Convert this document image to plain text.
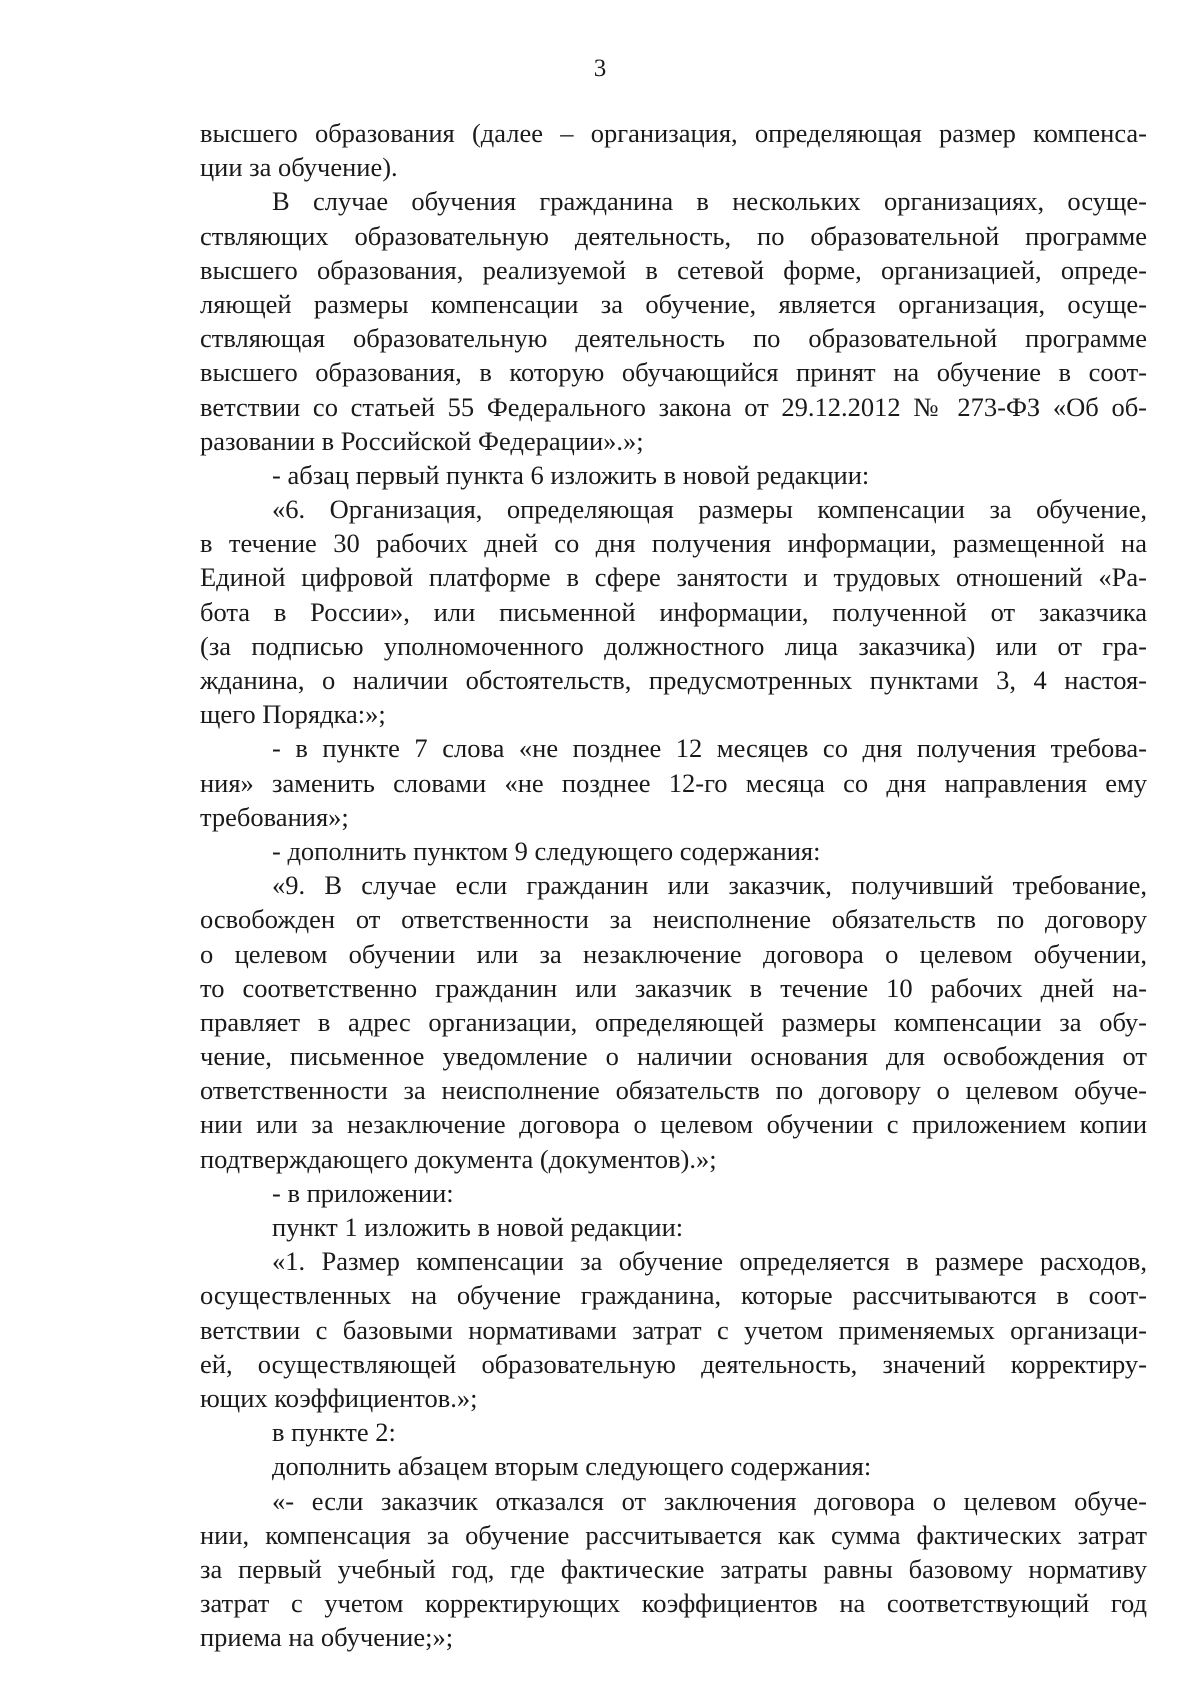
3
высшего образования (далее – организация, определяющая размер компенса-
ции за обучение).
В случае обучения гражданина в нескольких организациях, осуще-
ствляющих образовательную деятельность, по образовательной программе
высшего образования, реализуемой в сетевой форме, организацией, опреде-
ляющей размеры компенсации за обучение, является организация, осуще-
ствляющая образовательную деятельность по образовательной программе
высшего образования, в которую обучающийся принят на обучение в соот-
ветствии со статьей 55 Федерального закона от 29.12.2012 № 273-ФЗ «Об об-
разовании в Российской Федерации».»;
- абзац первый пункта 6 изложить в новой редакции:
«6. Организация, определяющая размеры компенсации за обучение,
в течение 30 рабочих дней со дня получения информации, размещенной на
Единой цифровой платформе в сфере занятости и трудовых отношений «Ра-
бота в России», или письменной информации, полученной от заказчика
(за подписью уполномоченного должностного лица заказчика) или от гра-
жданина, о наличии обстоятельств, предусмотренных пунктами 3, 4 настоя-
щего Порядка:»;
- в пункте 7 слова «не позднее 12 месяцев со дня получения требова-
ния» заменить словами «не позднее 12-го месяца со дня направления ему
требования»;
- дополнить пунктом 9 следующего содержания:
«9. В случае если гражданин или заказчик, получивший требование,
освобожден от ответственности за неисполнение обязательств по договору
о целевом обучении или за незаключение договора о целевом обучении,
то соответственно гражданин или заказчик в течение 10 рабочих дней на-
правляет в адрес организации, определяющей размеры компенсации за обу-
чение, письменное уведомление о наличии основания для освобождения от
ответственности за неисполнение обязательств по договору о целевом обуче-
нии или за незаключение договора о целевом обучении с приложением копии
подтверждающего документа (документов).»;
- в приложении:
пункт 1 изложить в новой редакции:
«1. Размер компенсации за обучение определяется в размере расходов,
осуществленных на обучение гражданина, которые рассчитываются в соот-
ветствии с базовыми нормативами затрат с учетом применяемых организаци-
ей, осуществляющей образовательную деятельность, значений корректиру-
ющих коэффициентов.»;
в пункте 2:
дополнить абзацем вторым следующего содержания:
«- если заказчик отказался от заключения договора о целевом обуче-
нии, компенсация за обучение рассчитывается как сумма фактических затрат
за первый учебный год, где фактические затраты равны базовому нормативу
затрат с учетом корректирующих коэффициентов на соответствующий год
приема на обучение;»;
